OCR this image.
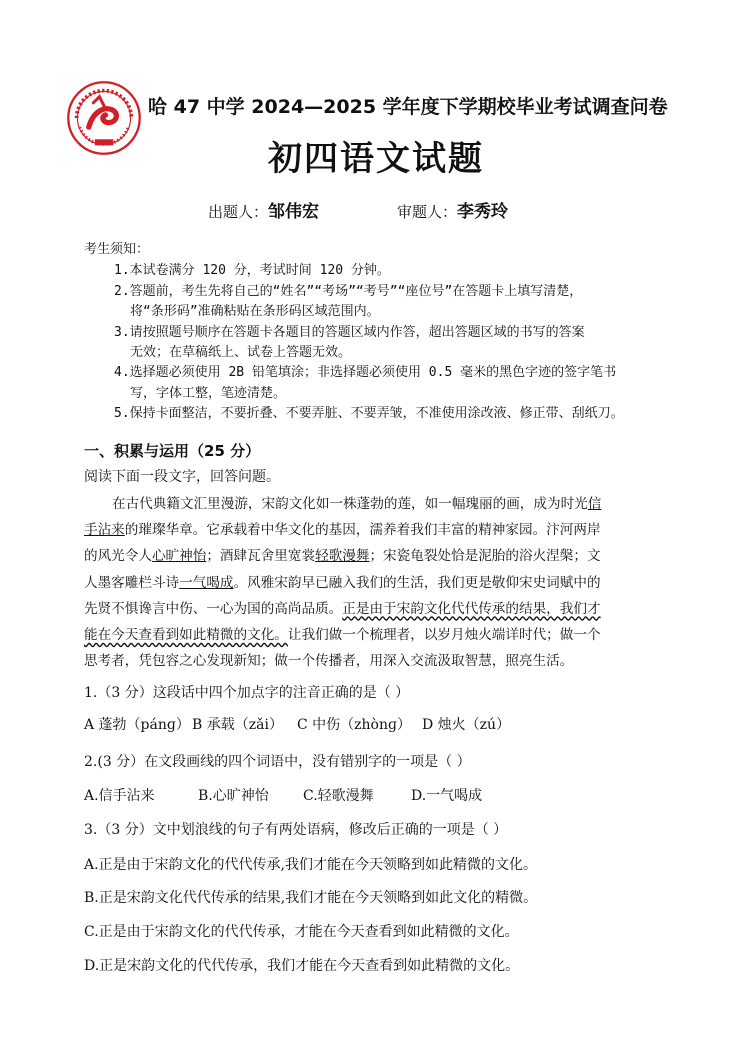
哈 47 中学 2024—2025 学年度下学期校毕业考试调查问卷
初四语文试题
出题人：邹伟宏	审题人：李秀玲
考生须知：
1.本试卷满分 120 分，考试时间 120 分钟。
2.答题前，考生先将自己的“姓名”“考场”“考号”“座位号”在答题卡上填写清楚，
将“条形码”准确粘贴在条形码区域范围内。
3.请按照题号顺序在答题卡各题目的答题区域内作答，超出答题区域的书写的答案
无效；在草稿纸上、试卷上答题无效。
4.选择题必须使用 2B 铅笔填涂；非选择题必须使用 0.5 毫米的黑色字迹的签字笔书
写，字体工整，笔迹清楚。
5.保持卡面整洁，不要折叠、不要弄脏、不要弄皱，不准使用涂改液、修正带、刮纸刀。
一、积累与运用（25 分）
阅读下面一段文字，回答问题。
在古代典籍文汇里漫游，宋韵文化如一株蓬勃的莲，如一幅瑰丽的画，成为时光信
手沾来的璀璨华章。它承载着中华文化的基因，濡养着我们丰富的精神家园。汴河两岸
的风光令人心旷神怡；酒肆瓦舍里宽裳轻歌漫舞；宋瓷龟裂处恰是泥胎的浴火涅槃；文
人墨客雕栏斗诗一气喝成。风雅宋韵早已融入我们的生活，我们更是敬仰宋史词赋中的
先贤不惧谗言中伤、一心为国的高尚品质。正是由于宋韵文化代代传承的结果，我们才
能在今天查看到如此精微的文化。让我们做一个梳理者，以岁月烛火端详时代；做一个
思考者，凭包容之心发现新知；做一个传播者，用深入交流汲取智慧，照亮生活。
1.（3 分）这段话中四个加点字的注音正确的是（ ）
A 蓬勃（pánɡ） B 承载（zǎi） C 中伤（zhònɡ） D 烛火（zú）
2.(3 分）在文段画线的四个词语中，没有错别字的一项是（ ）
A.信手沾来	B.心旷神怡 C.轻歌漫舞	D.一气喝成
3.（3 分）文中划浪线的句子有两处语病，修改后正确的一项是（ ）
A.正是由于宋韵文化的代代传承,我们才能在今天领略到如此精微的文化。
B.正是宋韵文化代代传承的结果,我们才能在今天领略到如此文化的精微。
C.正是由于宋韵文化的代代传承，才能在今天查看到如此精微的文化。
D.正是宋韵文化的代代传承，我们才能在今天查看到如此精微的文化。
